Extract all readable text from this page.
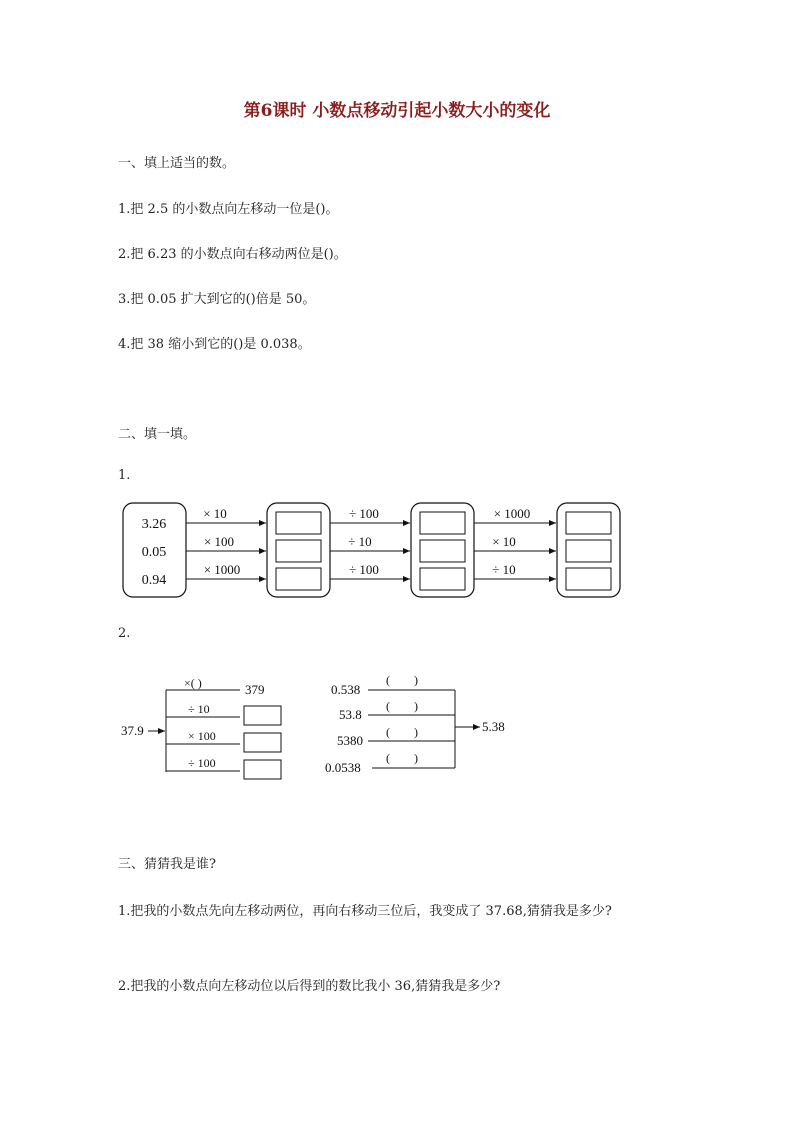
第6课时 小数点移动引起小数大小的变化
一、填上适当的数。
1.把 2.5 的小数点向左移动一位是()。
2.把 6.23 的小数点向右移动两位是()。
3.把 0.05 扩大到它的()倍是 50。
4.把 38 缩小到它的()是 0.038。
二、填一填。
1.
3.26
0.05
0.94
× 10
× 100
× 1000
÷ 100
÷ 10
÷ 100
× 1000
× 10
÷ 10
2.
37.9
×( )
÷ 10
× 100
÷ 100
379	0.538
53.8
5380
0.0538
(        )
(        )
(        )
(        )
5.38
三、猜猜我是谁?
1.把我的小数点先向左移动两位，再向右移动三位后，我变成了 37.68,猜猜我是多少?
2.把我的小数点向左移动位以后得到的数比我小 36,猜猜我是多少?
